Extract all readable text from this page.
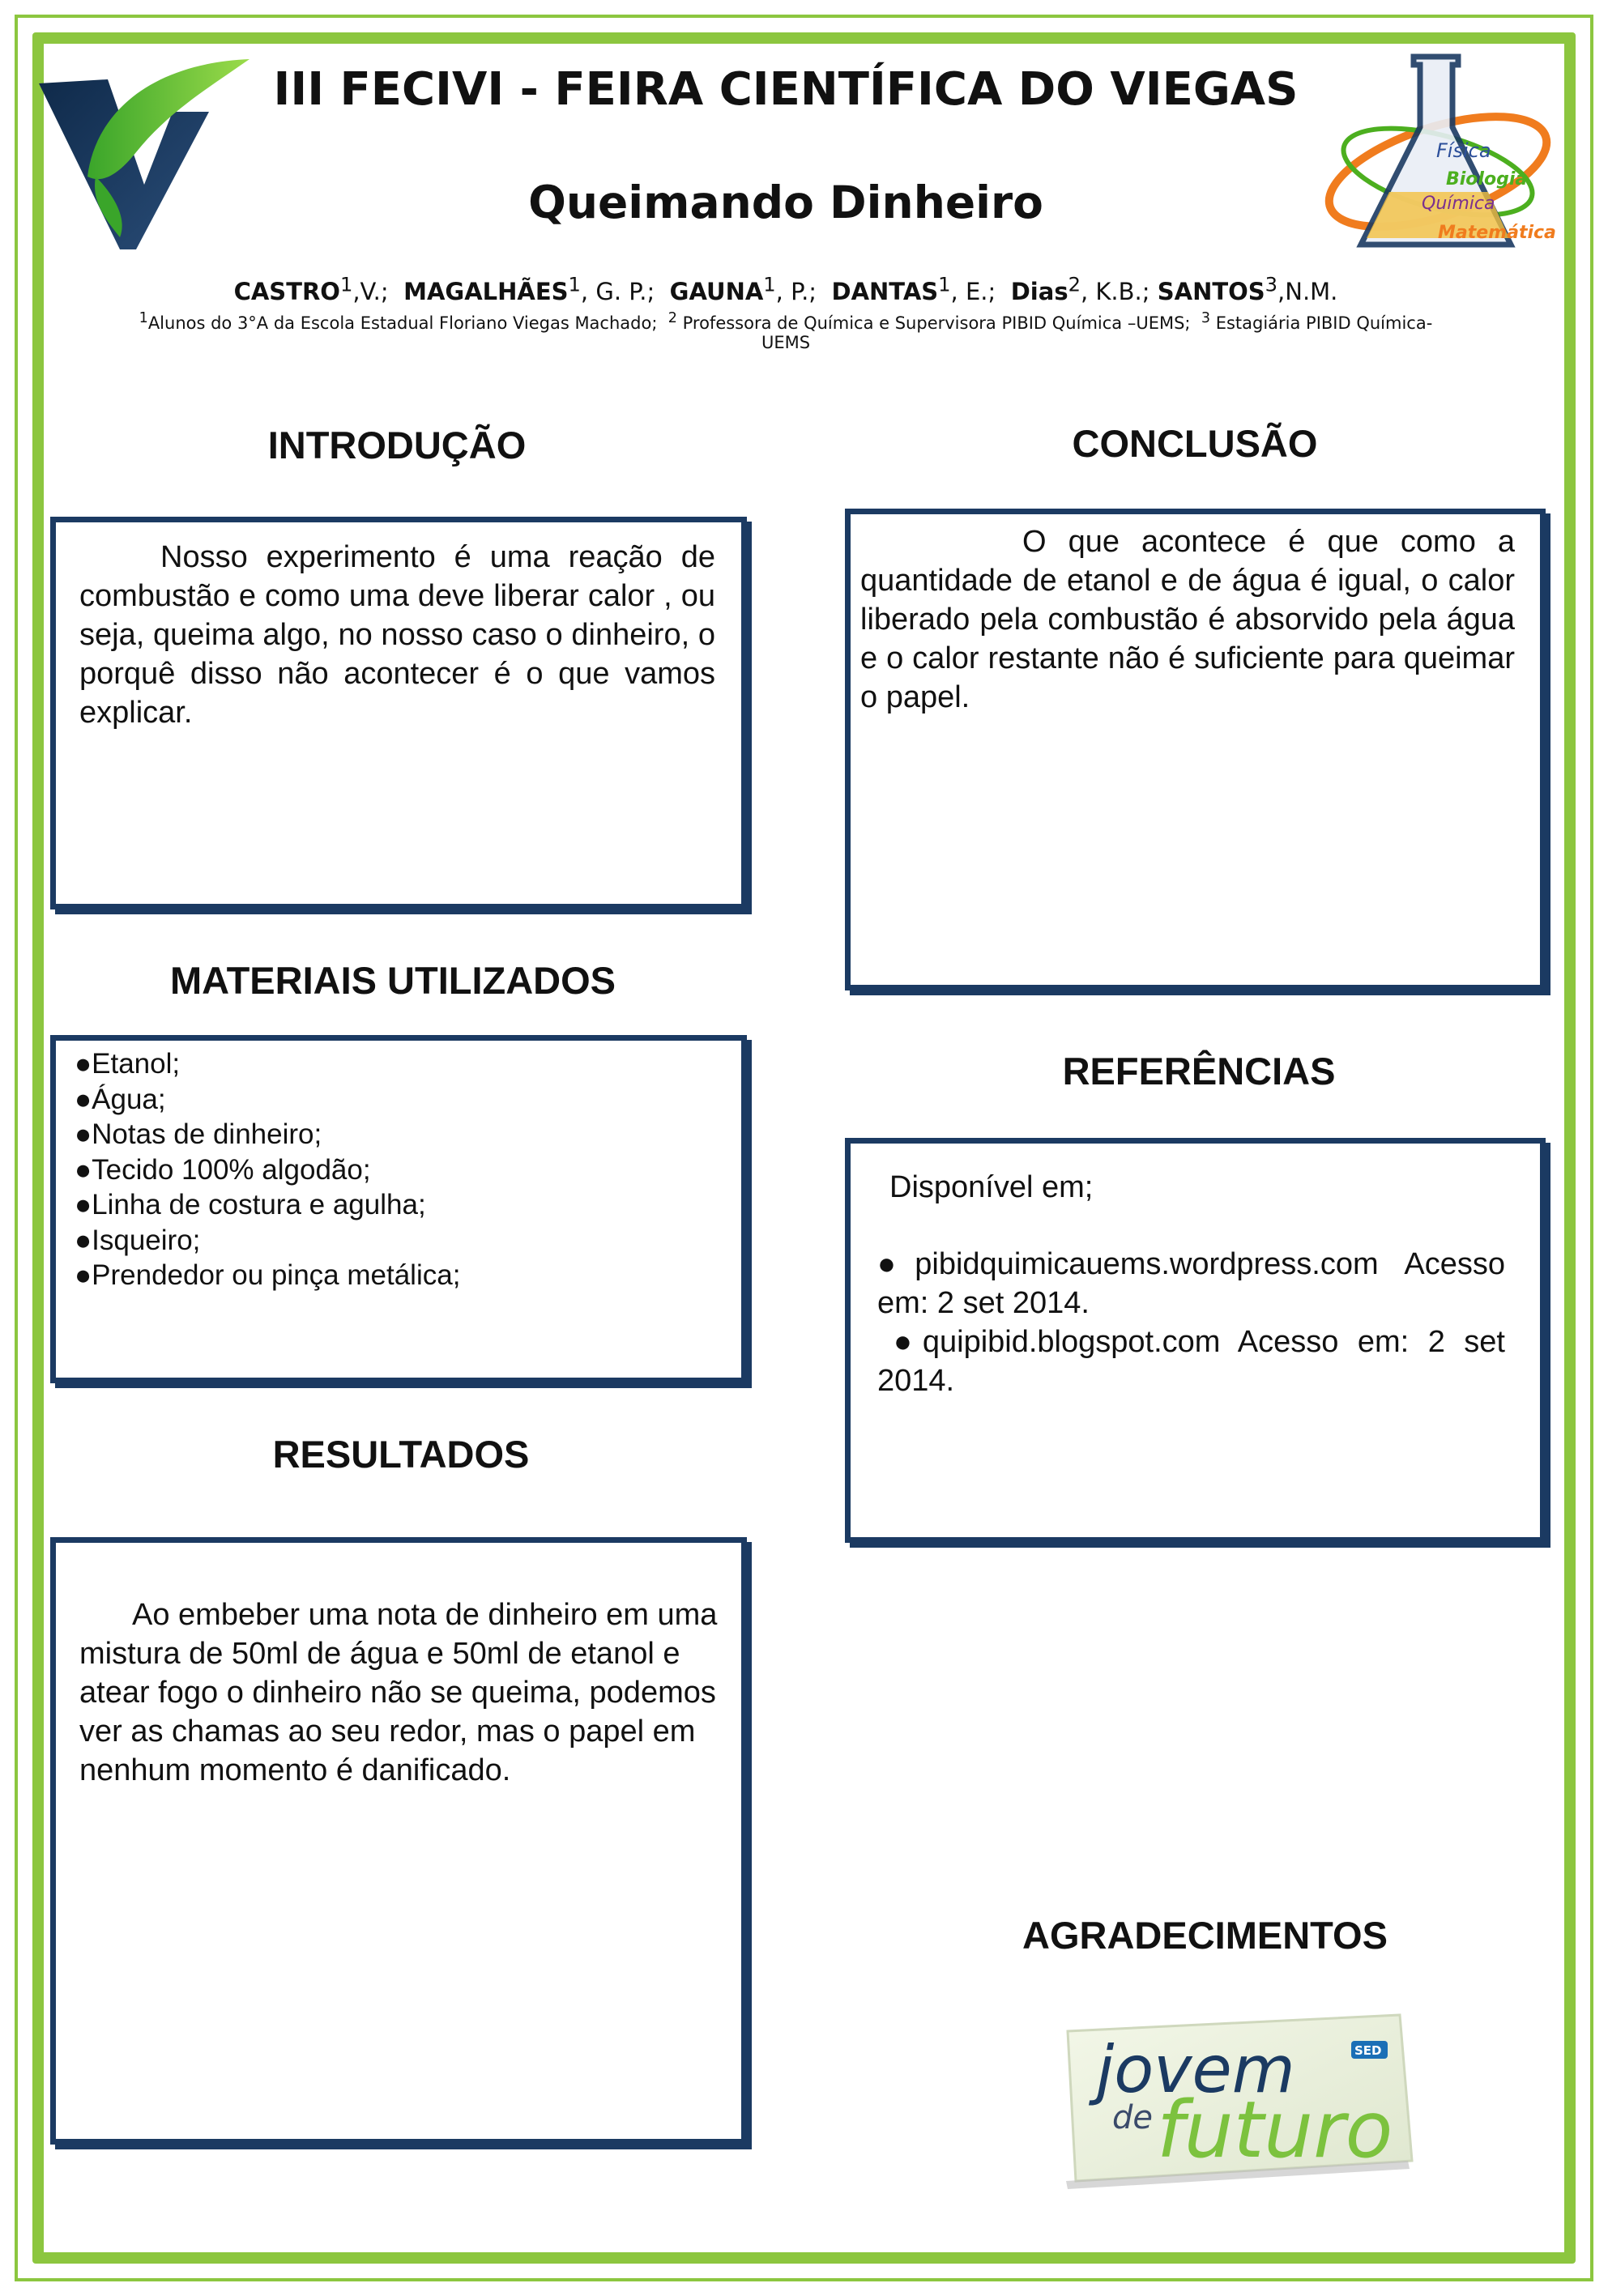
Física
Biologia
Química
Matemática
III FECIVI - FEIRA CIENTÍFICA DO VIEGAS
Queimando Dinheiro
CASTRO$^1$,V.; MAGALHÃES$^1$, G. P.; GAUNA$^1$, P.; DANTAS$^1$, E.; Dias$^2$, K.B.; SANTOS$^3$,N.M.
$^1$Alunos do 3°A da Escola Estadual Floriano Viegas Machado; $^2$ Professora de Química e Supervisora PIBID Química –UEMS; $^3$ Estagiária PIBID Química- UEMS
INTRODUÇÃO
Nosso experimento é uma reação de combustão e como uma deve liberar calor , ou seja, queima algo, no nosso caso o dinheiro, o porquê disso não acontecer é o que vamos explicar.
MATERIAIS UTILIZADOS
●Etanol;
●Água;
●Notas de dinheiro;
●Tecido 100% algodão;
●Linha de costura e agulha;
●Isqueiro;
●Prendedor ou pinça metálica;
RESULTADOS
Ao embeber uma nota de dinheiro em uma mistura de 50ml de água e 50ml de etanol e atear fogo o dinheiro não se queima, podemos ver as chamas ao seu redor, mas o papel em nenhum momento é danificado.
CONCLUSÃO
O que acontece é que como a quantidade de etanol e de água é igual, o calor liberado pela combustão é absorvido pela água e o calor restante não é suficiente para queimar o papel.
REFERÊNCIAS
Disponível em;
●pibidquimicauems.wordpress.com Acesso em: 2 set 2014.
●quipibid.blogspot.com Acesso em: 2 set 2014.
AGRADECIMENTOS
jovem
de futuro
SED
